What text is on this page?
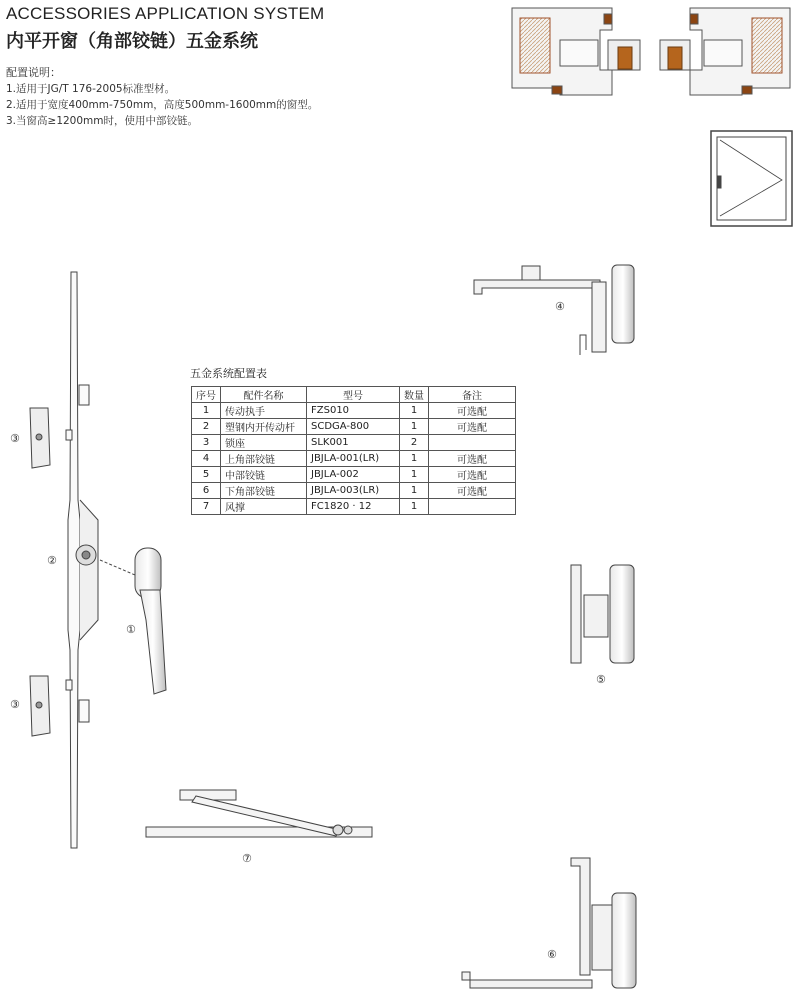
ACCESSORIES APPLICATION SYSTEM
内平开窗（角部铰链）五金系统
配置说明：
1.适用于JG/T 176-2005标准型材。
2.适用于宽度400mm-750mm，高度500mm-1600mm的窗型。
3.当窗高≥1200mm时，使用中部铰链。
①
②
③
③
④
⑤
⑥
⑦
五金系统配置表
序号	配件名称	型号	数量	备注
1	传动执手	FZS010	1	可选配
2	塑钢内开传动杆	SCDGA-800	1	可选配
3	锁座	SLK001	2	
4	上角部铰链	JBJLA-001(LR)	1	可选配
5	中部铰链	JBJLA-002	1	可选配
6	下角部铰链	JBJLA-003(LR)	1	可选配
7	风撑	FC1820 · 12	1	
